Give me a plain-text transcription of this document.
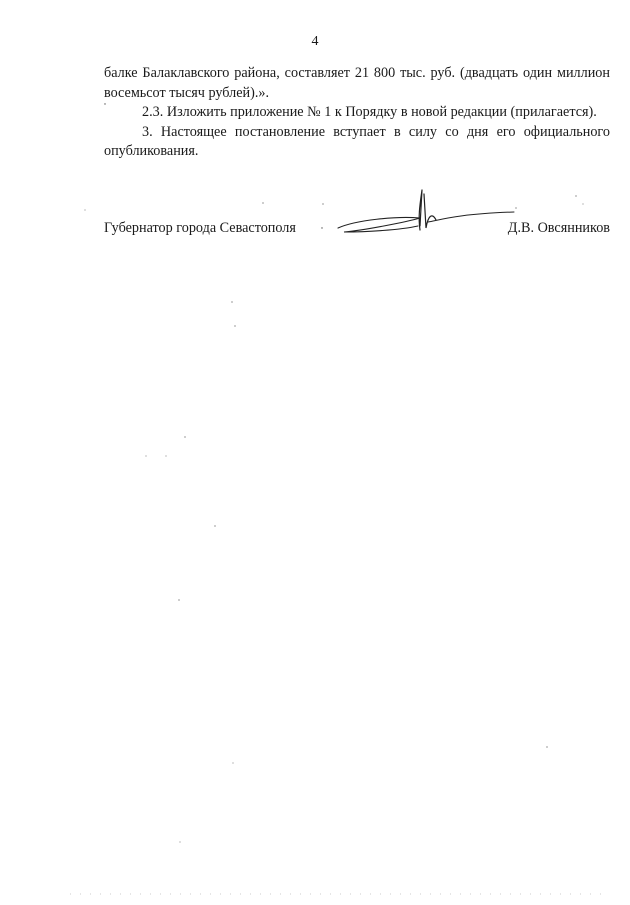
4

балке Балаклавского района, составляет 21 800 тыс. руб. (двадцать один миллион восемьсот тысяч рублей).».

2.3. Изложить приложение № 1 к Порядку в новой редакции (прилагается).

3. Настоящее постановление вступает в силу со дня его официального опубликования.

Губернатор города Севастополя	Д.В. Овсянников
